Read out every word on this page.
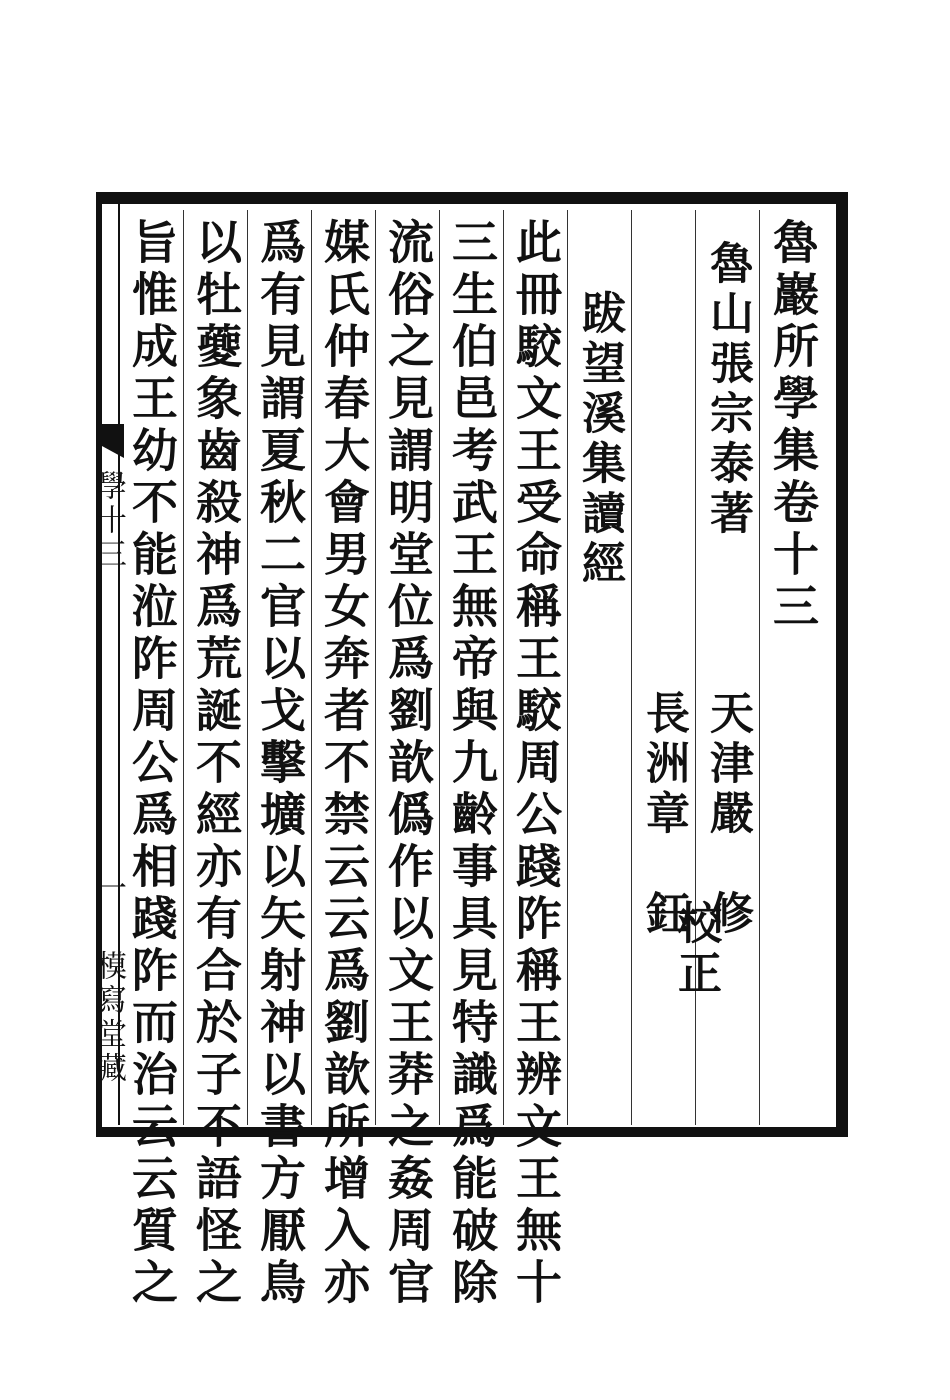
魯巖所學集卷十三
魯山張宗泰著
天津嚴　修
長洲章　鈺
校正
跋望溪集讀經
此冊駮文王受命稱王駮周公踐阼稱王辨文王無十
三生伯邑考武王無帝與九齡事具見特識爲能破除
流俗之見謂明堂位爲劉歆僞作以文王莽之姦周官
媒氏仲春大會男女奔者不禁云云爲劉歆所增入亦
爲有見謂夏秋二官以戈擊壙以矢射神以書方厭鳥
以牡䕫象齒殺神爲荒誕不經亦有合於子不語怪之
旨惟成王幼不能涖阼周公爲相踐阼而治云云質之
學十三
一
模寫堂藏
